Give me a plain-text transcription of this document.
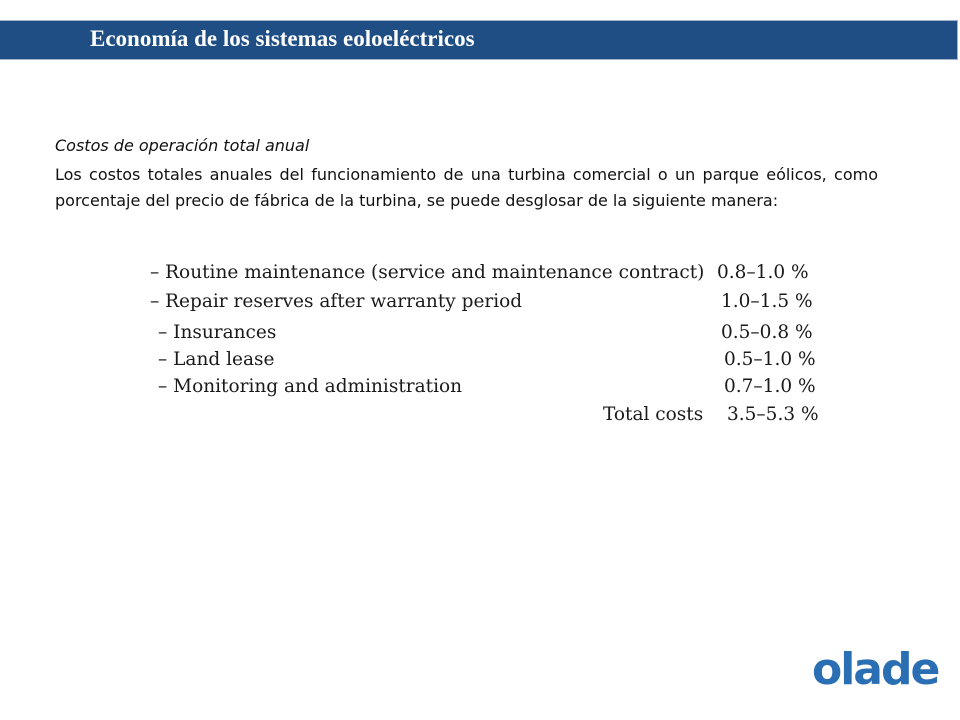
Economía de los sistemas eoloeléctricos
Costos de operación total anual
Los costos totales anuales del funcionamiento de una turbina comercial o un parque eólicos, como porcentaje del precio de fábrica de la turbina, se puede desglosar de la siguiente manera:
– Routine maintenance (service and maintenance contract) 0.8–1.0 %
– Repair reserves after warranty period	1.0–1.5 %
– Insurances	0.5–0.8 %
– Land lease	0.5–1.0 %
– Monitoring and administration	0.7–1.0 %
Total costs 3.5–5.3 %
olade
